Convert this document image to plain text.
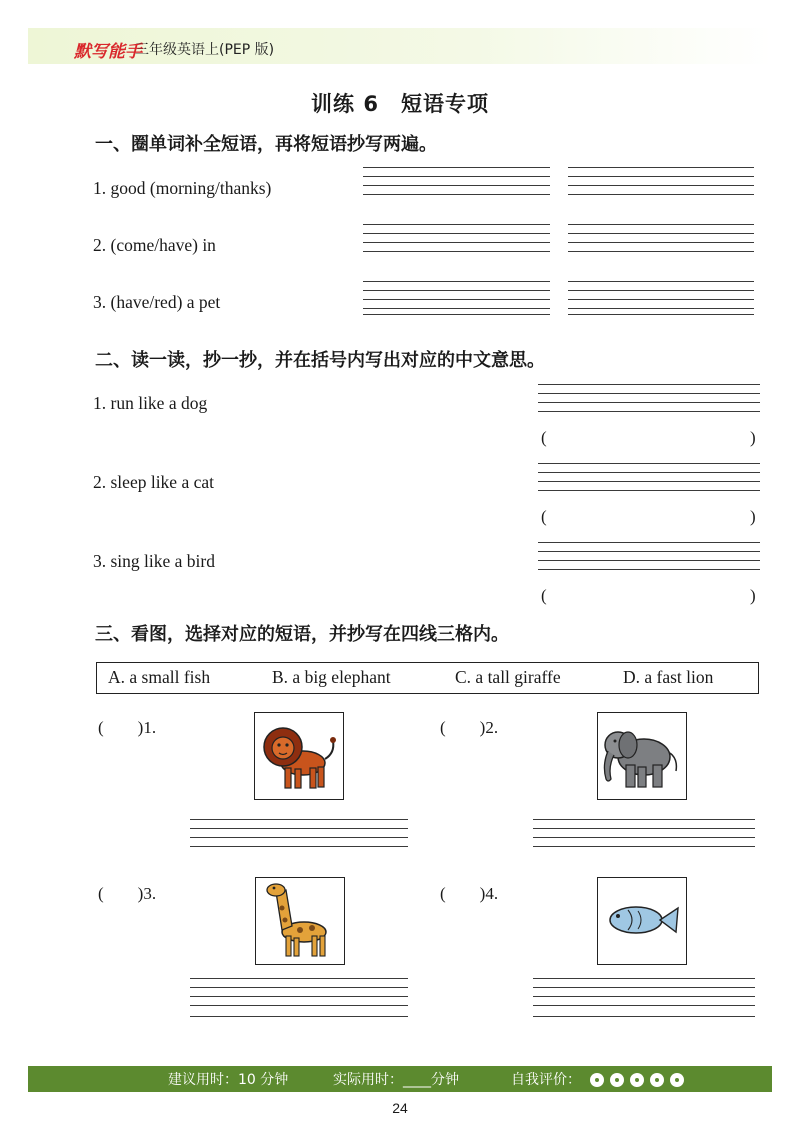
默写能手
三年级英语上(PEP 版)
训练 6　短语专项
一、圈单词补全短语，再将短语抄写两遍。
1. good (morning/thanks)
2. (come/have) in
3. (have/red) a pet
二、读一读，抄一抄，并在括号内写出对应的中文意思。
1. run like a dog
2. sleep like a cat
3. sing like a bird
(	)
(	)
(	)
三、看图，选择对应的短语，并抄写在四线三格内。
A. a small fish	B. a big elephant	C. a tall giraffe	D. a fast lion
(　　)1.	(　　)2.
(　　)3.	(　　)4.
建议用时：10 分钟	实际用时：____分钟	自我评价：
24
